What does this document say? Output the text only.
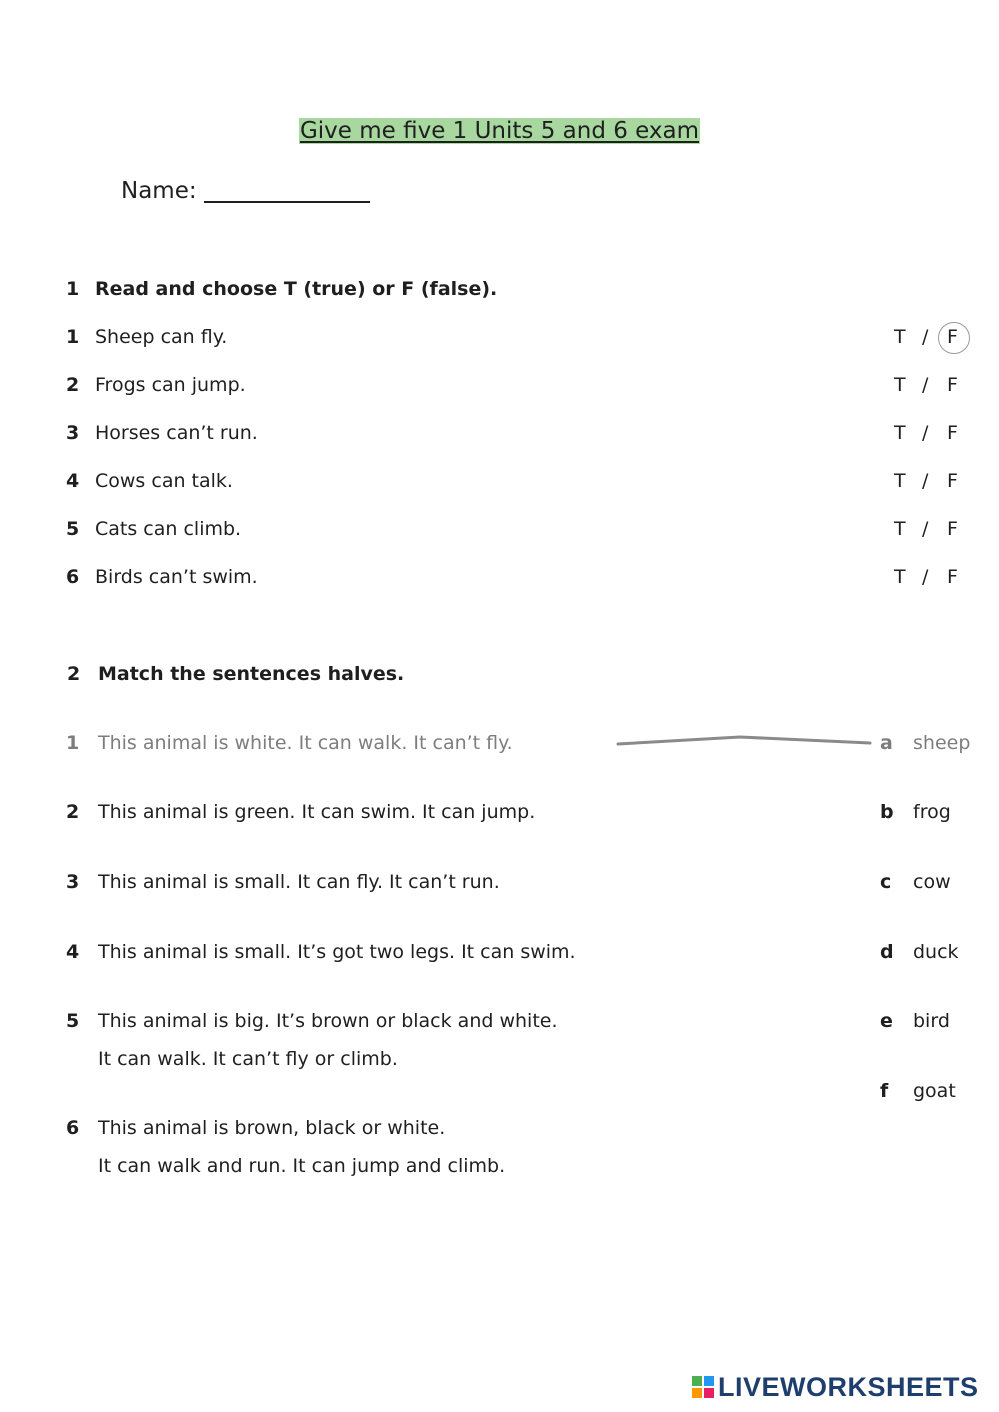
Give me five 1 Units 5 and 6 exam
Name:
1 Read and choose T (true) or F (false).
1 Sheep can fly.	T / F
2 Frogs can jump.	T / F
3 Horses can’t run.	T / F
4 Cows can talk.	T / F
5 Cats can climb.	T / F
6 Birds can’t swim.	T / F
2 Match the sentences halves.
1 This animal is white. It can walk. It can’t fly.
2 This animal is green. It can swim. It can jump.
3 This animal is small. It can fly. It can’t run.
4 This animal is small. It’s got two legs. It can swim.
5 This animal is big. It’s brown or black and white.
It can walk. It can’t fly or climb.
6 This animal is brown, black or white.
It can walk and run. It can jump and climb.
a sheep
b frog
c cow
d duck
e bird
f goat
LIVEWORKSHEETS
